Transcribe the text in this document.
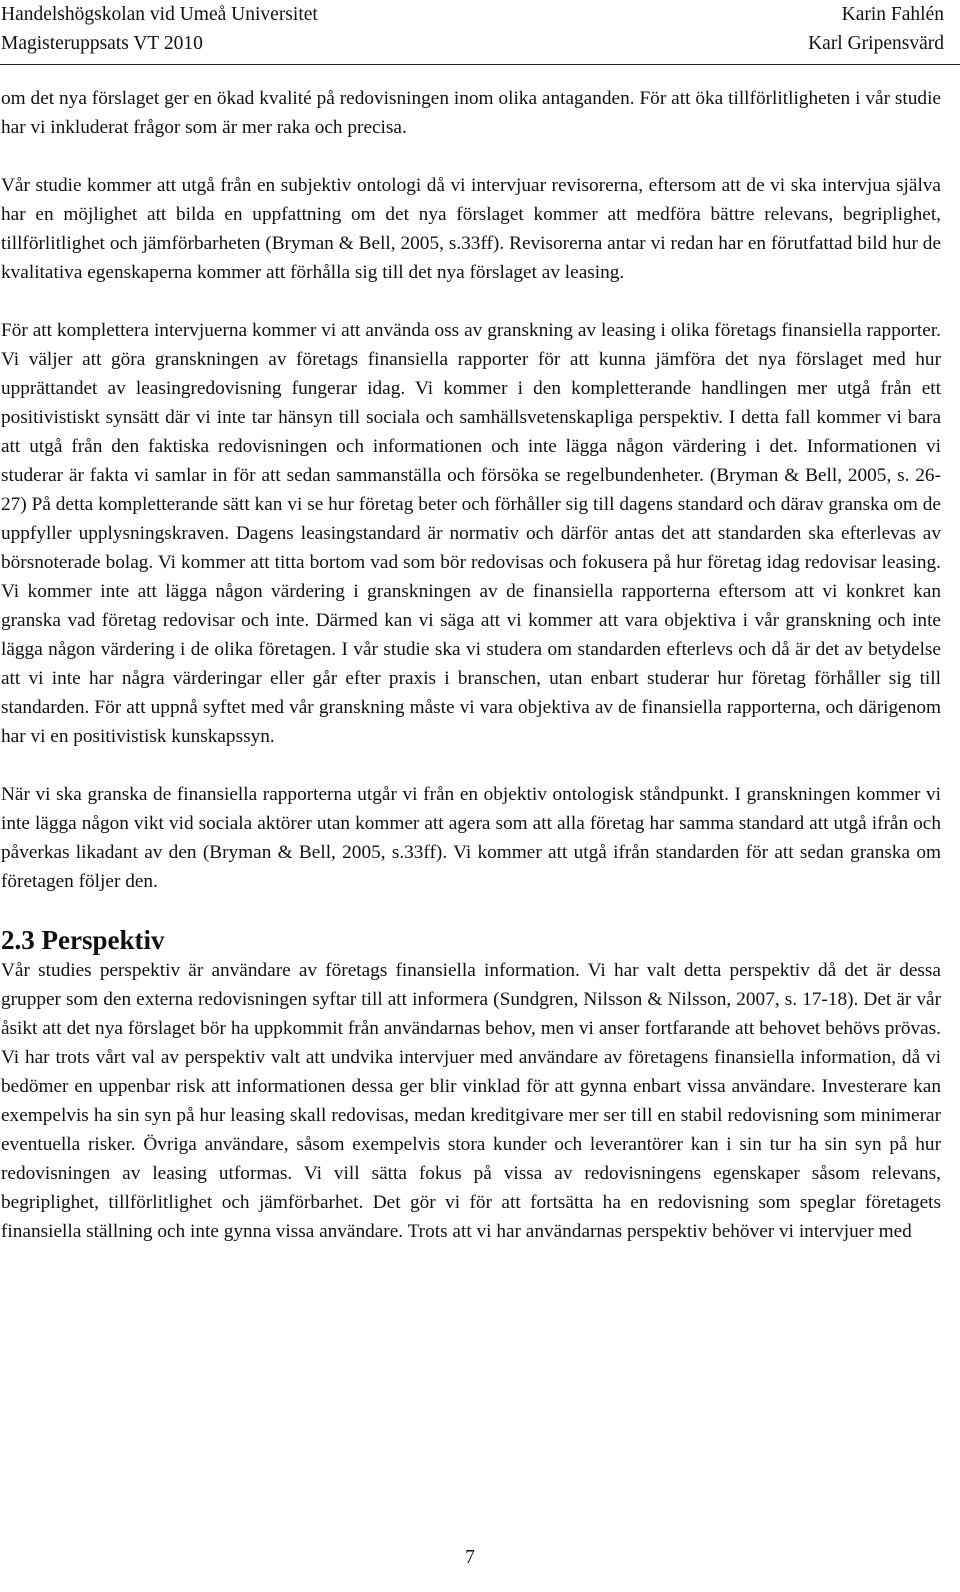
Handelshögskolan vid Umeå Universitet	Karin Fahlén
Magisteruppsats VT 2010	Karl Gripensvärd

om det nya förslaget ger en ökad kvalité på redovisningen inom olika antaganden. För att öka tillförlitligheten i vår studie har vi inkluderat frågor som är mer raka och precisa.

Vår studie kommer att utgå från en subjektiv ontologi då vi intervjuar revisorerna, eftersom att de vi ska intervjua själva har en möjlighet att bilda en uppfattning om det nya förslaget kommer att medföra bättre relevans, begriplighet, tillförlitlighet och jämförbarheten (Bryman & Bell, 2005, s.33ff). Revisorerna antar vi redan har en förutfattad bild hur de kvalitativa egenskaperna kommer att förhålla sig till det nya förslaget av leasing.

För att komplettera intervjuerna kommer vi att använda oss av granskning av leasing i olika företags finansiella rapporter. Vi väljer att göra granskningen av företags finansiella rapporter för att kunna jämföra det nya förslaget med hur upprättandet av leasingredovisning fungerar idag. Vi kommer i den kompletterande handlingen mer utgå från ett positivistiskt synsätt där vi inte tar hänsyn till sociala och samhällsvetenskapliga perspektiv. I detta fall kommer vi bara att utgå från den faktiska redovisningen och informationen och inte lägga någon värdering i det. Informationen vi studerar är fakta vi samlar in för att sedan sammanställa och försöka se regelbundenheter. (Bryman & Bell, 2005, s. 26-27) På detta kompletterande sätt kan vi se hur företag beter och förhåller sig till dagens standard och därav granska om de uppfyller upplysningskraven. Dagens leasingstandard är normativ och därför antas det att standarden ska efterlevas av börsnoterade bolag. Vi kommer att titta bortom vad som bör redovisas och fokusera på hur företag idag redovisar leasing. Vi kommer inte att lägga någon värdering i granskningen av de finansiella rapporterna eftersom att vi konkret kan granska vad företag redovisar och inte. Därmed kan vi säga att vi kommer att vara objektiva i vår granskning och inte lägga någon värdering i de olika företagen. I vår studie ska vi studera om standarden efterlevs och då är det av betydelse att vi inte har några värderingar eller går efter praxis i branschen, utan enbart studerar hur företag förhåller sig till standarden. För att uppnå syftet med vår granskning måste vi vara objektiva av de finansiella rapporterna, och därigenom har vi en positivistisk kunskapssyn.

När vi ska granska de finansiella rapporterna utgår vi från en objektiv ontologisk ståndpunkt. I granskningen kommer vi inte lägga någon vikt vid sociala aktörer utan kommer att agera som att alla företag har samma standard att utgå ifrån och påverkas likadant av den (Bryman & Bell, 2005, s.33ff). Vi kommer att utgå ifrån standarden för att sedan granska om företagen följer den.

2.3 Perspektiv

Vår studies perspektiv är användare av företags finansiella information. Vi har valt detta perspektiv då det är dessa grupper som den externa redovisningen syftar till att informera (Sundgren, Nilsson & Nilsson, 2007, s. 17-18). Det är vår åsikt att det nya förslaget bör ha uppkommit från användarnas behov, men vi anser fortfarande att behovet behövs prövas. Vi har trots vårt val av perspektiv valt att undvika intervjuer med användare av företagens finansiella information, då vi bedömer en uppenbar risk att informationen dessa ger blir vinklad för att gynna enbart vissa användare. Investerare kan exempelvis ha sin syn på hur leasing skall redovisas, medan kreditgivare mer ser till en stabil redovisning som minimerar eventuella risker. Övriga användare, såsom exempelvis stora kunder och leverantörer kan i sin tur ha sin syn på hur redovisningen av leasing utformas. Vi vill sätta fokus på vissa av redovisningens egenskaper såsom relevans, begriplighet, tillförlitlighet och jämförbarhet. Det gör vi för att fortsätta ha en redovisning som speglar företagets finansiella ställning och inte gynna vissa användare. Trots att vi har användarnas perspektiv behöver vi intervjuer med

7
